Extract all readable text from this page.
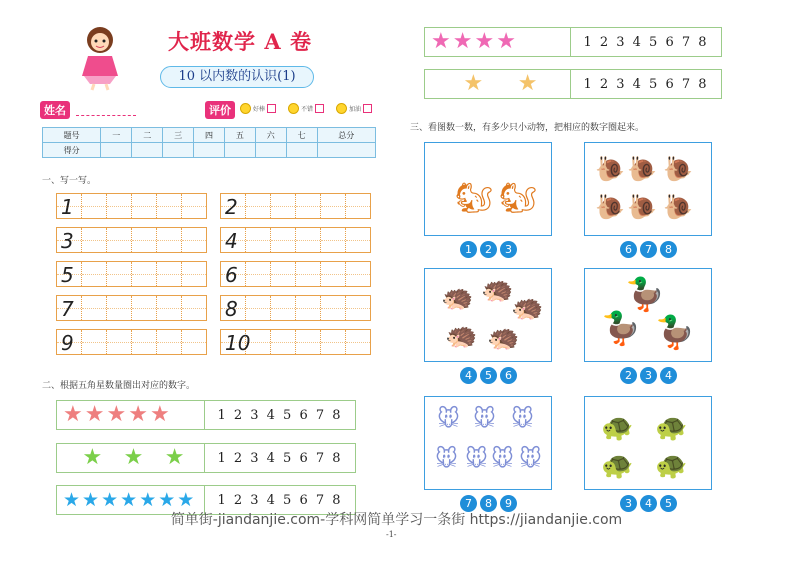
大班数学 A 卷
10 以内数的认识(1)
姓名	评价	好棒	不错	加油
题号	一	二	三	四	五	六	七	总分
得分								
一、写一写。
1	2
3	4
5	6
7	8
9	10
二、根据五角星数量圈出对应的数字。
★ ★ ★ ★ ★	1 2 3 4 5 6 7 8
★ ★ ★	1 2 3 4 5 6 7 8
★ ★ ★ ★ ★ ★ ★	1 2 3 4 5 6 7 8
★ ★ ★ ★	1 2 3 4 5 6 7 8
★ ★	1 2 3 4 5 6 7 8
三、看图数一数，有多少只小动物，把相应的数字圈起来。
🐿 🐿
1	2	3
🐌 🐌 🐌
🐌 🐌 🐌
6	7	8
🦔 🦔
🦔
🦔 🦔
4	5	6
🦆
🦆 🦆
2	3	4
🐭 🐭 🐭
🐭 🐭 🐭 🐭
7	8	9
🐢 🐢
🐢 🐢
3	4	5
简单街-jiandanjie.com-学科网简单学习一条街 https://jiandanjie.com
-1-
